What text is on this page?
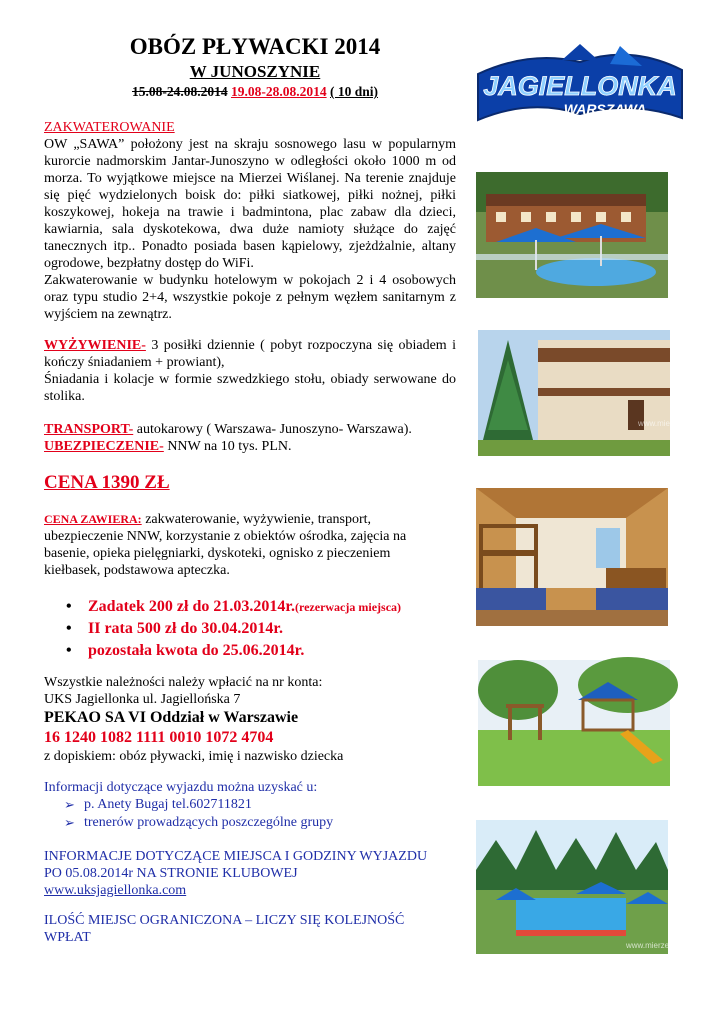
OBÓZ PŁYWACKI 2014
W JUNOSZYNIE
15.08-24.08.2014 19.08-28.08.2014 ( 10 dni)	JAGIELLONKA
WARSZAWA
ZAKWATEROWANIE
OW „SAWA” położony jest na skraju sosnowego lasu w popularnym kurorcie nadmorskim Jantar-Junoszyno w odległości około 1000 m od morza. To wyjątkowe miejsce na Mierzei Wiślanej. Na terenie znajduje się pięć wydzielonych boisk do: piłki siatkowej, piłki nożnej, piłki koszykowej, hokeja na trawie i badmintona, plac zabaw dla dzieci, kawiarnia, sala dyskotekowa, dwa duże namioty służące do zajęć tanecznych itp.. Ponadto posiada basen kąpielowy, zjeżdżalnie, altany ogrodowe, bezpłatny dostęp do WiFi.
Zakwaterowanie w budynku hotelowym w pokojach 2 i 4 osobowych oraz typu studio 2+4, wszystkie pokoje z pełnym węzłem sanitarnym z wyjściem na zewnątrz.
WYŻYWIENIE- 3 posiłki dziennie ( pobyt rozpoczyna się obiadem i kończy śniadaniem + prowiant),
Śniadania i kolacje w formie szwedzkiego stołu, obiady serwowane do stolika.
TRANSPORT- autokarowy ( Warszawa- Junoszyno- Warszawa).
UBEZPIECZENIE- NNW na 10 tys. PLN.
CENA 1390 ZŁ
CENA ZAWIERA: zakwaterowanie, wyżywienie, transport, ubezpieczenie NNW, korzystanie z obiektów ośrodka, zajęcia na basenie, opieka pielęgniarki, dyskoteki, ognisko z pieczeniem kiełbasek, podstawowa apteczka.
• Zadatek 200 zł do 21.03.2014r.(rezerwacja miejsca)
• II rata 500 zł do 30.04.2014r.
• pozostała kwota do 25.06.2014r.
Wszystkie należności należy wpłacić na nr konta:
UKS Jagiellonka ul. Jagiellońska 7
PEKAO SA VI Oddział w Warszawie
16 1240 1082 1111 0010 1072 4704
z dopiskiem: obóz pływacki, imię i nazwisko dziecka
Informacji dotyczące wyjazdu można uzyskać u:
➢ p. Anety Bugaj tel.602711821
➢ trenerów prowadzących poszczególne grupy
INFORMACJE DOTYCZĄCE MIEJSCA I GODZINY WYJAZDU
PO 05.08.2014r NA STRONIE KLUBOWEJ
www.uksjagiellonka.com
ILOŚĆ MIEJSC OGRANICZONA – LICZY SIĘ KOLEJNOŚĆ
WPŁAT
www.mierzeja.pl
www.mierzeja.pl
